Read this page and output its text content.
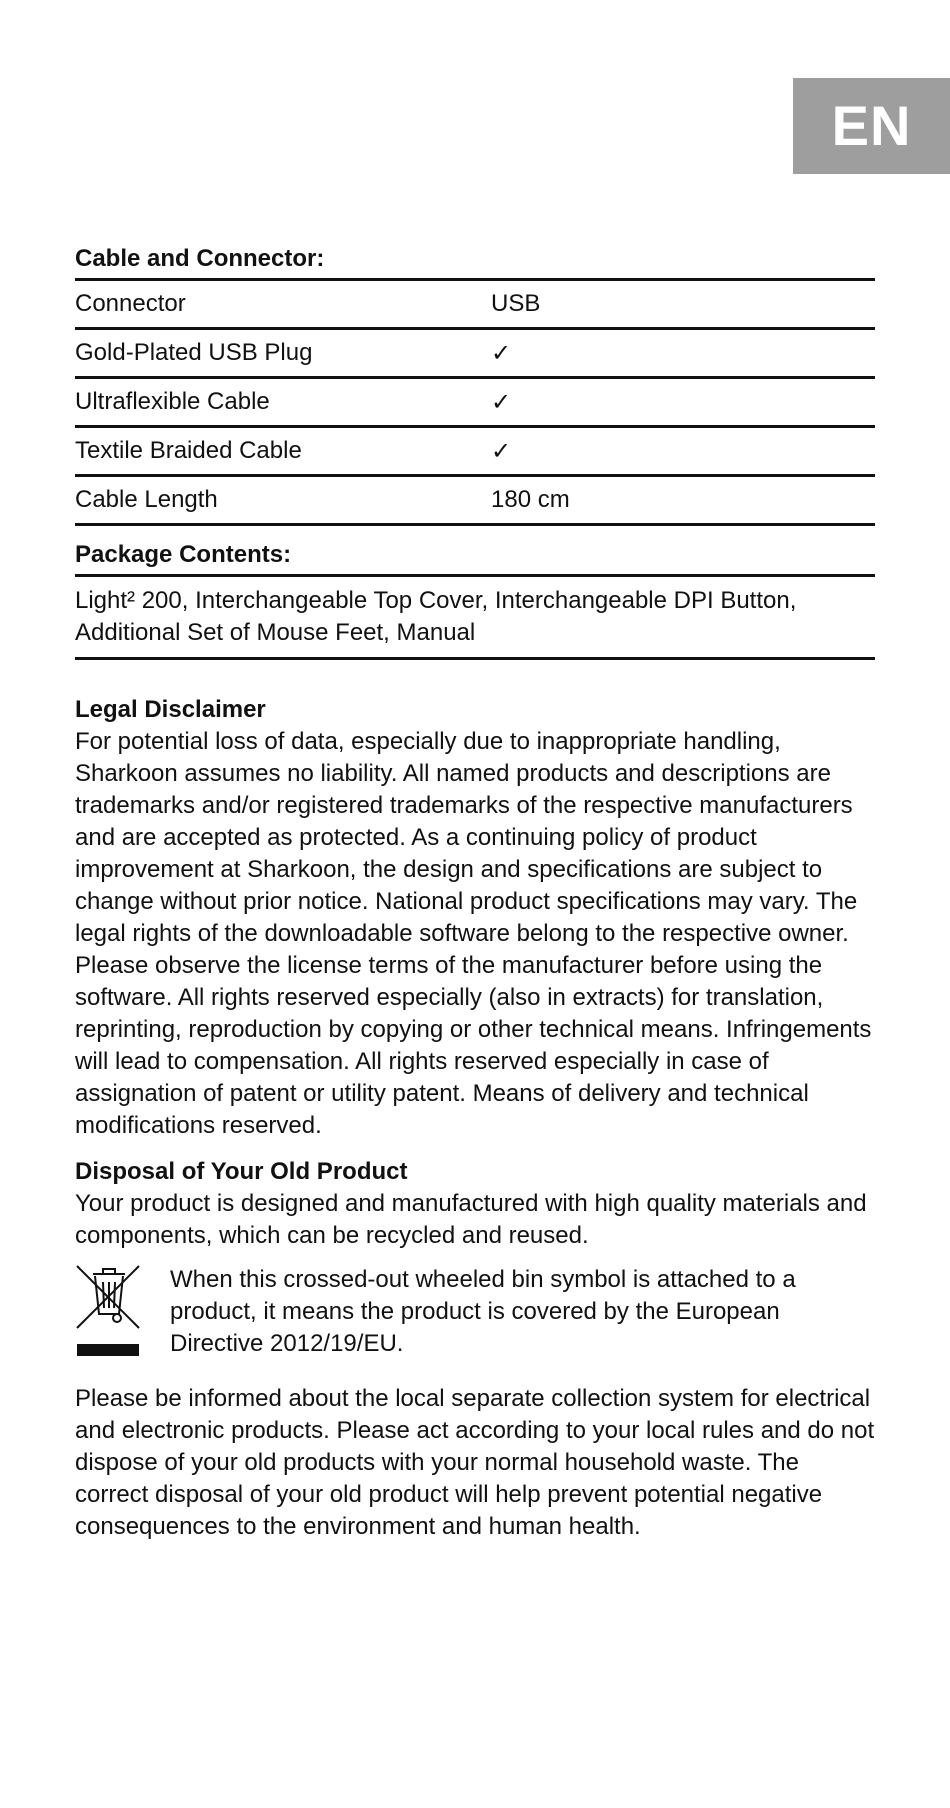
EN

Cable and Connector:

Connector	USB
Gold-Plated USB Plug	✓
Ultraflexible Cable	✓
Textile Braided Cable	✓
Cable Length	180 cm

Package Contents:

Light² 200, Interchangeable Top Cover, Interchangeable DPI Button, Additional Set of Mouse Feet, Manual

Legal Disclaimer

For potential loss of data, especially due to inappropriate handling, Sharkoon assumes no liability. All named products and descriptions are trademarks and/or registered trademarks of the respective manufacturers and are accepted as protected. As a continuing policy of product improvement at Sharkoon, the design and specifications are subject to change without prior notice. National product specifications may vary. The legal rights of the downloadable software belong to the respective owner. Please observe the license terms of the manufacturer before using the software. All rights reserved especially (also in extracts) for translation, reprinting, reproduction by copying or other technical means. Infringements will lead to compensation. All rights reserved especially in case of assignation of patent or utility patent. Means of delivery and technical modifications reserved.

Disposal of Your Old Product

Your product is designed and manufactured with high quality materials and components, which can be recycled and reused.

When this crossed-out wheeled bin symbol is attached to a product, it means the product is covered by the European Directive 2012/19/EU.

Please be informed about the local separate collection system for electrical and electronic products. Please act according to your local rules and do not dispose of your old products with your normal household waste. The correct disposal of your old product will help prevent potential negative consequences to the environment and human health.
